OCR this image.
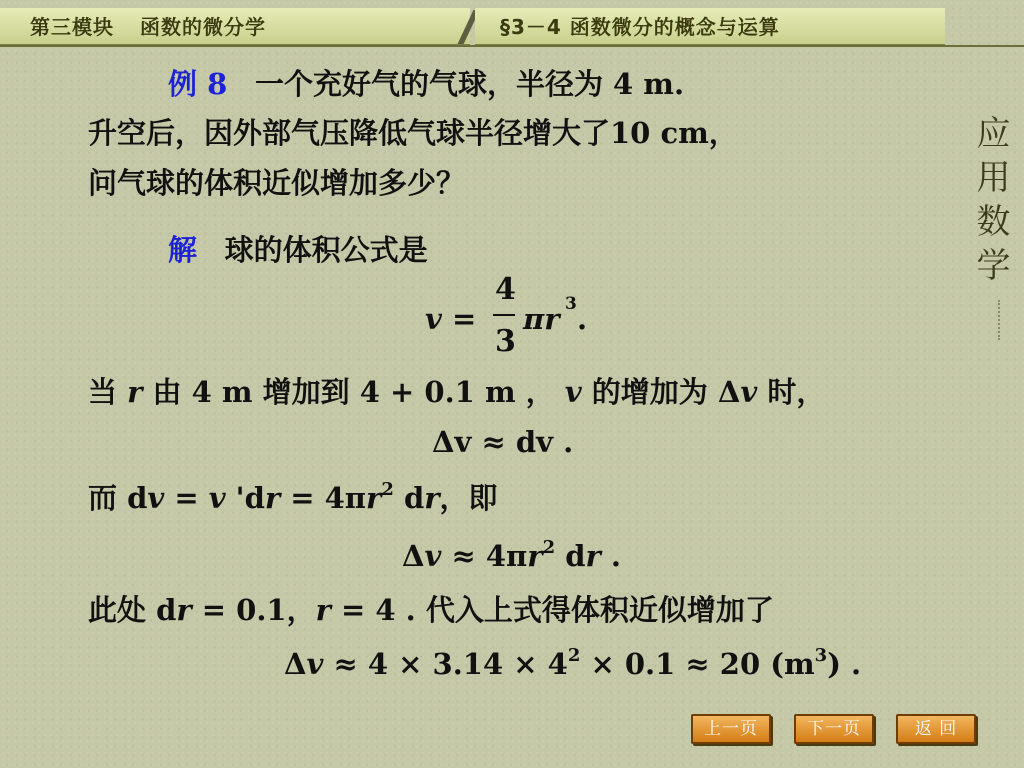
第三模块 函数的微分学	§3－4 函数微分的概念与运算
应用数学
例 8 一个充好气的气球，半径为 4 m.
升空后，因外部气压降低气球半径增大了10 cm，
问气球的体积近似增加多少？
解 球的体积公式是
v =
4
3
πr 3 .
当 r 由 4 m 增加到 4 + 0.1 m ， v 的增加为 Δv 时，
Δv ≈ dv .
而 dv = v 'dr = $4\pi r^2$ dr，即
$\Delta v \approx 4\pi r^2$ dr .
此处 dr = 0.1，r = 4 . 代入上式得体积近似增加了
$\Delta v \approx 4 \times 3.14 \times 4^2 \times 0.1 \approx 20$ $(m^3)$ .
上一页	下一页	返 回
